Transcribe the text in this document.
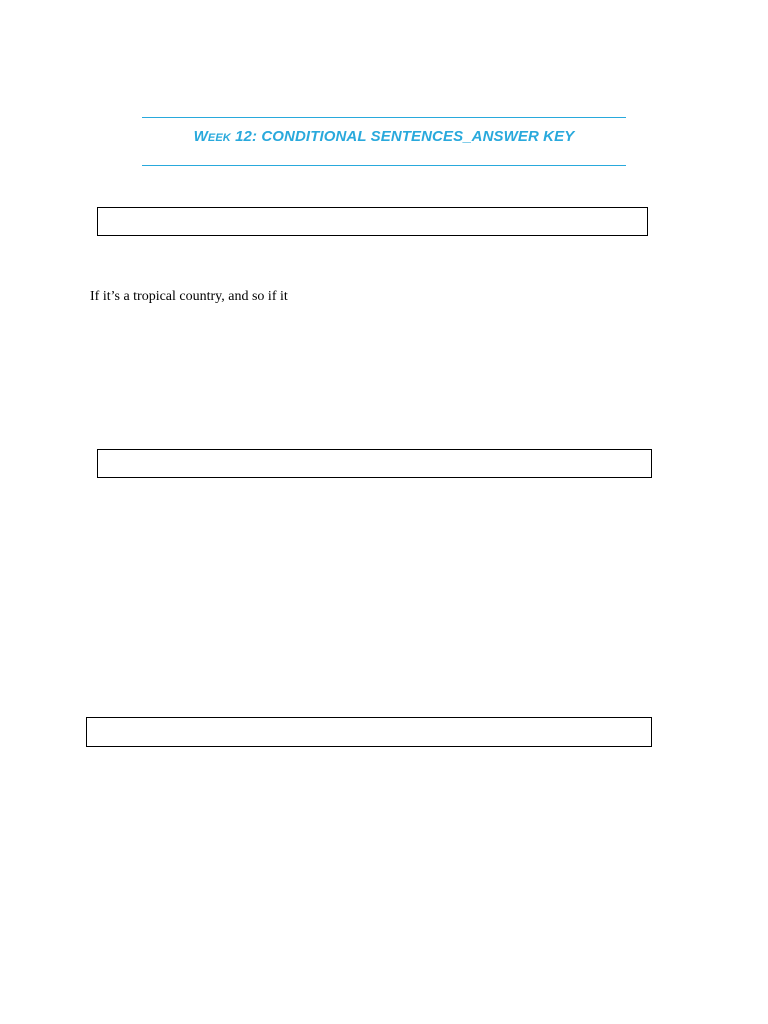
Week 12: CONDITIONAL SENTENCES_ANSWER KEY
If it’s a tropical country, and so if it
